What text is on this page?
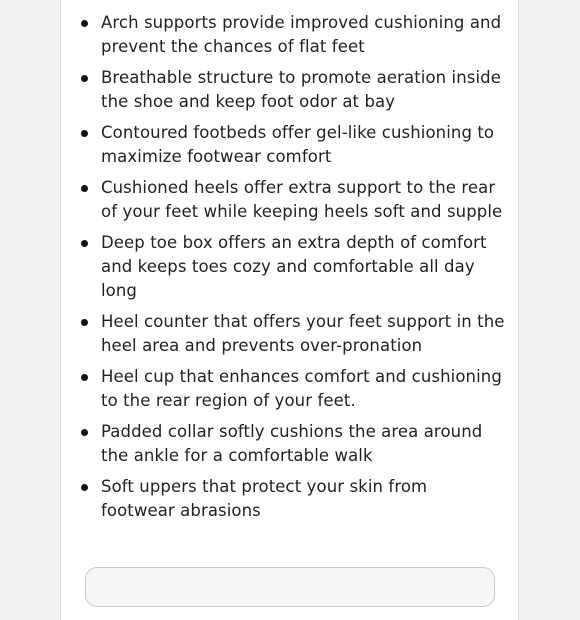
Arch supports provide improved cushioning and prevent the chances of flat feet
Breathable structure to promote aeration inside the shoe and keep foot odor at bay
Contoured footbeds offer gel-like cushioning to maximize footwear comfort
Cushioned heels offer extra support to the rear of your feet while keeping heels soft and supple
Deep toe box offers an extra depth of comfort and keeps toes cozy and comfortable all day long
Heel counter that offers your feet support in the heel area and prevents over-pronation
Heel cup that enhances comfort and cushioning to the rear region of your feet.
Padded collar softly cushions the area around the ankle for a comfortable walk
Soft uppers that protect your skin from footwear abrasions
